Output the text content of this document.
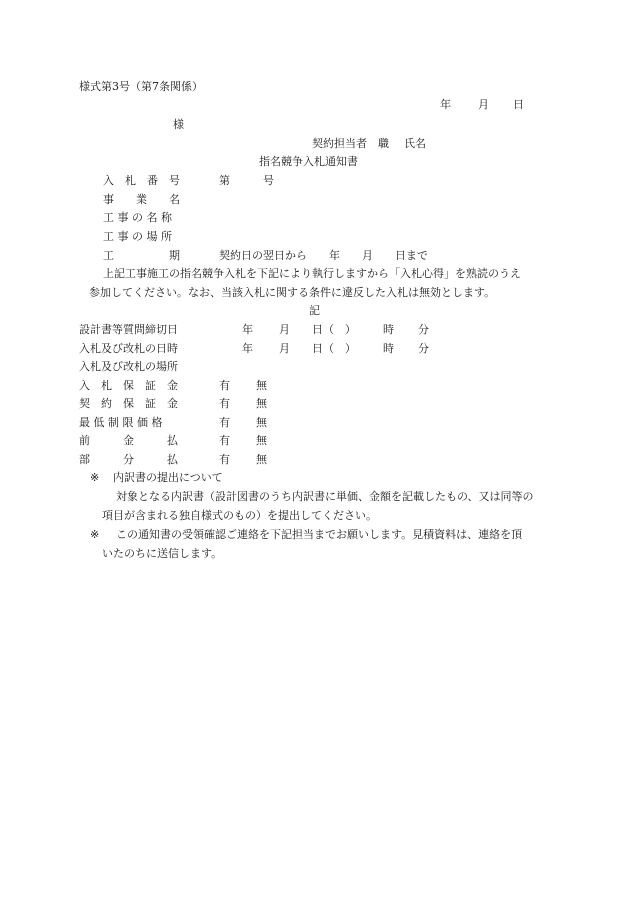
様式第3号（第7条関係）
年 月 日
様
契約担当者 職 氏名
指名競争入札通知書
入　札　番　号	第　　　号
事　　業　　名
工 事 の 名 称
工 事 の 場 所
工　　　　　期	契約日の翌日から　　年　　月　　日まで
上記工事施工の指名競争入札を下記により執行しますから「入札心得」を熟読のうえ
参加してください。なお、当該入札に関する条件に違反した入札は無効とします。
記
設計書等質問締切日	年 月 日（　） 時 分
入札及び改札の日時	年 月 日（　） 時 分
入札及び改札の場所
入　札　保　証　金	有 無
契　約　保　証　金	有 無
最 低 制 限 価 格	有 無
前　　　金　　　払	有 無
部　　　分　　　払	有 無
※ 内訳書の提出について
対象となる内訳書（設計図書のうち内訳書に単価、金額を記載したもの、又は同等の
項目が含まれる独自様式のもの）を提出してください。
※ この通知書の受領確認ご連絡を下記担当までお願いします。見積資料は、連絡を頂
いたのちに送信します。
